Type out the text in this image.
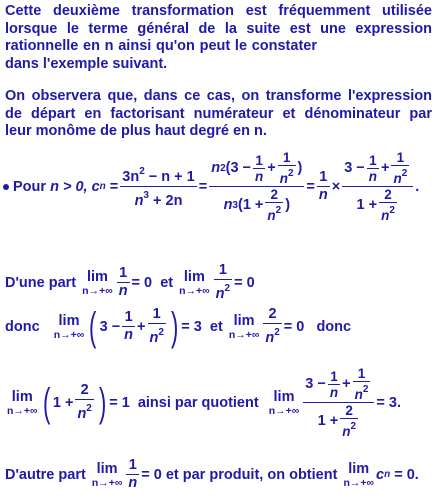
Cette deuxième transformation est fréquemment utilisée
lorsque le terme général de la suite est une expression
rationnelle en n ainsi qu'on peut le constater
dans l'exemple suivant.
On observera que, dans ce cas, on transforme l'expression
de départ en factorisant numérateur et dénominateur par
leur monôme de plus haut degré en n.
Pour
n > 0,
c n
=
$3n^2 - n + 1$
$n^3 + 2n$
=
n 2 (3 − 1
n
+
1
$n^2$ )
n 3 (1 +
2
$n^2$ )
=
1
n
×
3
− 1
n
+
1
$n^2$
1
+
2
$n^2$
.
D'une part
lim
n→+∞
1
n
=
0
et
lim
n→+∞
1
$n^2$ =
0
donc
lim
n→+∞ ( 3
−
1
n
+
1
$n^2$ ) =
3
et
lim
n→+∞
2
$n^2$ =
0
donc
lim
n→+∞ ( 1
+
2
$n^2$ ) =
1
ainsi par quotient
lim
n→+∞
3
− 1
n
+
1
$n^2$
1
+
2
$n^2$
=
3 .
D'autre part
lim
n→+∞
1
n
=
0
et par produit, on obtient
lim
n→+∞ c n
=
0 .
